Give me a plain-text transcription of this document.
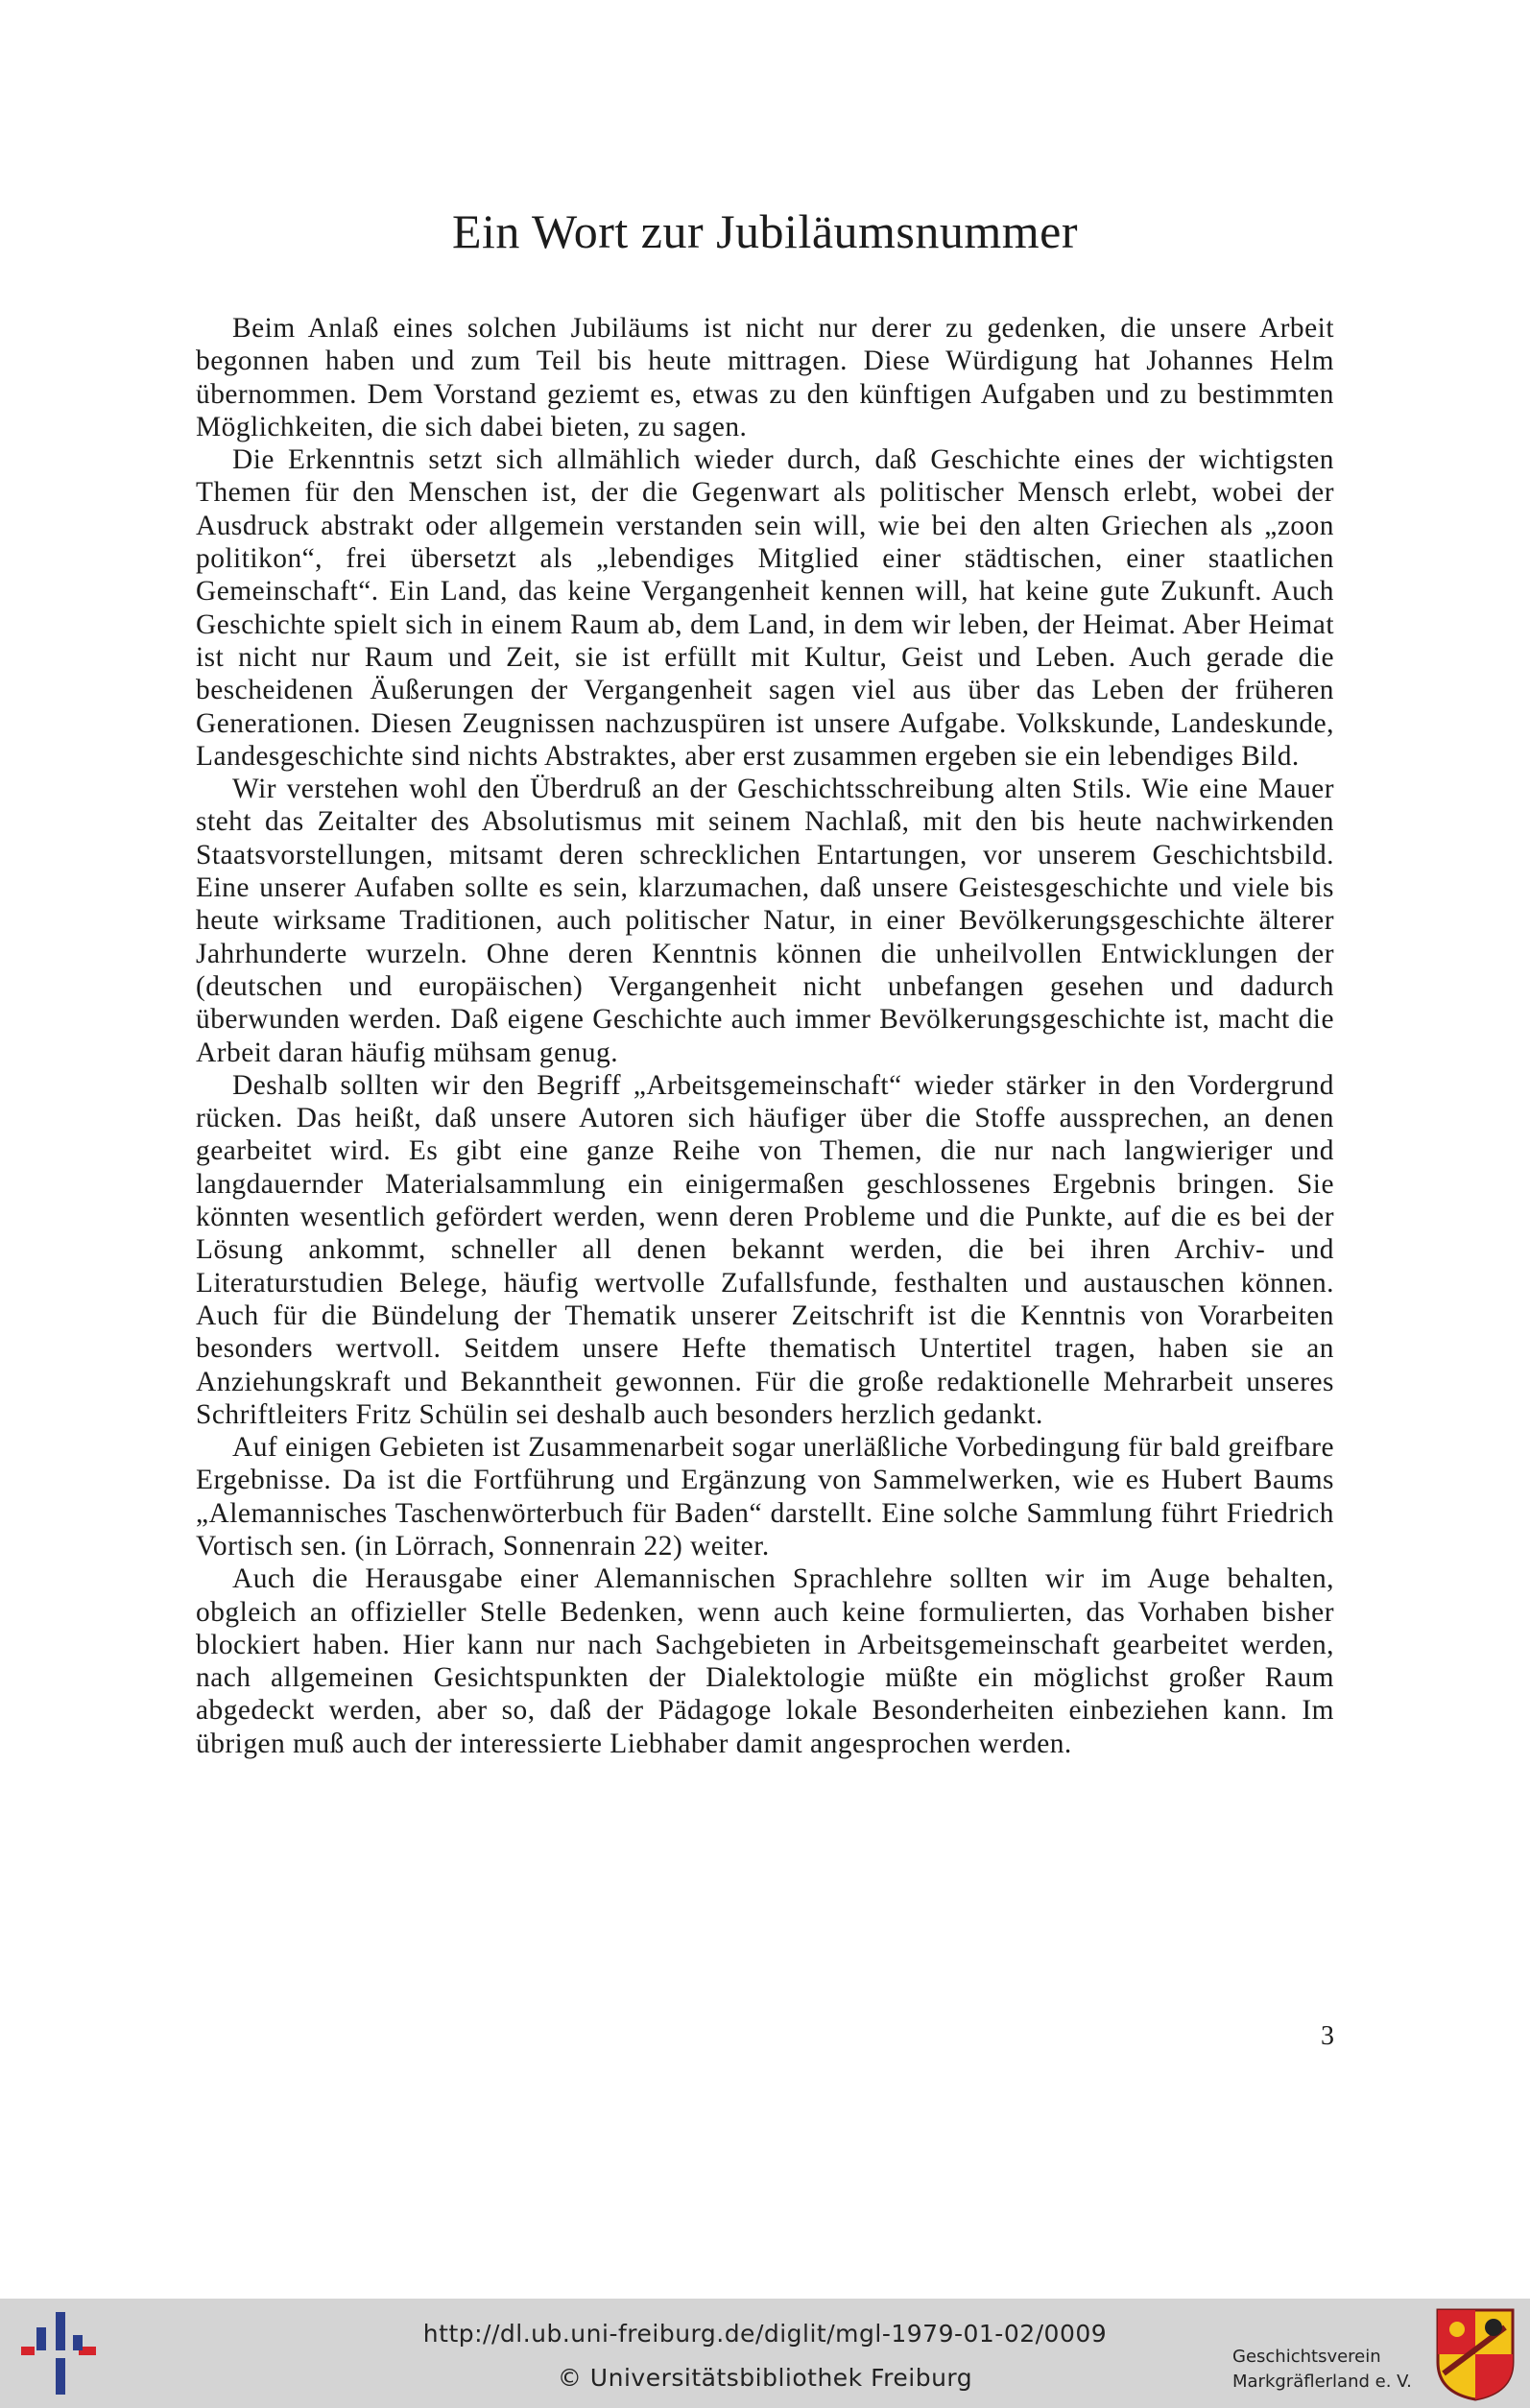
Ein Wort zur Jubiläumsnummer

Beim Anlaß eines solchen Jubiläums ist nicht nur derer zu gedenken, die unsere Arbeit begonnen haben und zum Teil bis heute mittragen. Diese Würdigung hat Johannes Helm übernommen. Dem Vorstand geziemt es, etwas zu den künftigen Aufgaben und zu bestimmten Möglichkeiten, die sich dabei bieten, zu sagen.

Die Erkenntnis setzt sich allmählich wieder durch, daß Geschichte eines der wichtigsten Themen für den Menschen ist, der die Gegenwart als politischer Mensch erlebt, wobei der Ausdruck abstrakt oder allgemein verstanden sein will, wie bei den alten Griechen als „zoon politikon“, frei übersetzt als „lebendiges Mitglied einer städtischen, einer staatlichen Gemeinschaft“. Ein Land, das keine Vergangenheit kennen will, hat keine gute Zukunft. Auch Geschichte spielt sich in einem Raum ab, dem Land, in dem wir leben, der Heimat. Aber Heimat ist nicht nur Raum und Zeit, sie ist erfüllt mit Kultur, Geist und Leben. Auch gerade die bescheidenen Äußerungen der Vergangenheit sagen viel aus über das Leben der früheren Generationen. Diesen Zeugnissen nachzuspüren ist unsere Aufgabe. Volkskunde, Landeskunde, Landesgeschichte sind nichts Abstraktes, aber erst zusammen ergeben sie ein lebendiges Bild.

Wir verstehen wohl den Überdruß an der Geschichtsschreibung alten Stils. Wie eine Mauer steht das Zeitalter des Absolutismus mit seinem Nachlaß, mit den bis heute nachwirkenden Staatsvorstellungen, mitsamt deren schrecklichen Entartungen, vor unserem Geschichtsbild. Eine unserer Aufaben sollte es sein, klarzumachen, daß unsere Geistesgeschichte und viele bis heute wirksame Traditionen, auch politischer Natur, in einer Bevölkerungsgeschichte älterer Jahrhunderte wurzeln. Ohne deren Kenntnis können die unheilvollen Entwicklungen der (deutschen und europäischen) Vergangenheit nicht unbefangen gesehen und dadurch überwunden werden. Daß eigene Geschichte auch immer Bevölkerungsgeschichte ist, macht die Arbeit daran häufig mühsam genug.

Deshalb sollten wir den Begriff „Arbeitsgemeinschaft“ wieder stärker in den Vordergrund rücken. Das heißt, daß unsere Autoren sich häufiger über die Stoffe aussprechen, an denen gearbeitet wird. Es gibt eine ganze Reihe von Themen, die nur nach langwieriger und langdauernder Materialsammlung ein einigermaßen geschlossenes Ergebnis bringen. Sie könnten wesentlich gefördert werden, wenn deren Probleme und die Punkte, auf die es bei der Lösung ankommt, schneller all denen bekannt werden, die bei ihren Archiv- und Literaturstudien Belege, häufig wertvolle Zufallsfunde, festhalten und austauschen können. Auch für die Bündelung der Thematik unserer Zeitschrift ist die Kenntnis von Vorarbeiten besonders wertvoll. Seitdem unsere Hefte thematisch Untertitel tragen, haben sie an Anziehungskraft und Bekanntheit gewonnen. Für die große redaktionelle Mehrarbeit unseres Schriftleiters Fritz Schülin sei deshalb auch besonders herzlich gedankt.

Auf einigen Gebieten ist Zusammenarbeit sogar unerläßliche Vorbedingung für bald greifbare Ergebnisse. Da ist die Fortführung und Ergänzung von Sammelwerken, wie es Hubert Baums „Alemannisches Taschenwörterbuch für Baden“ darstellt. Eine solche Sammlung führt Friedrich Vortisch sen. (in Lörrach, Sonnenrain 22) weiter.

Auch die Herausgabe einer Alemannischen Sprachlehre sollten wir im Auge behalten, obgleich an offizieller Stelle Bedenken, wenn auch keine formulierten, das Vorhaben bisher blockiert haben. Hier kann nur nach Sachgebieten in Arbeitsgemeinschaft gearbeitet werden, nach allgemeinen Gesichtspunkten der Dialektologie müßte ein möglichst großer Raum abgedeckt werden, aber so, daß der Pädagoge lokale Besonderheiten einbeziehen kann. Im übrigen muß auch der interessierte Liebhaber damit angesprochen werden.

3
http://dl.ub.uni-freiburg.de/diglit/mgl-1979-01-02/0009
© Universitätsbibliothek Freiburg
Geschichtsverein
Markgräflerland e. V.
